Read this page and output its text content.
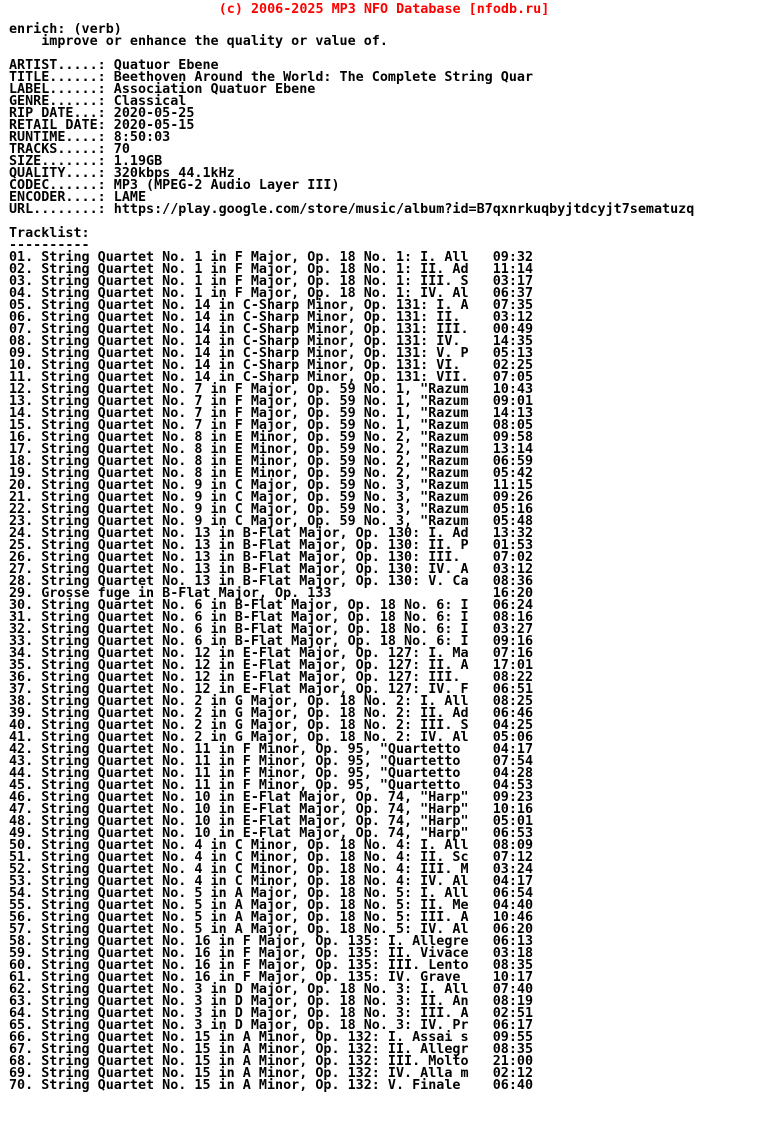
(c) 2006-2025 MP3 NFO Database [nfodb.ru]
enrich: (verb)
improve or enhance the quality or value of.

ARTIST.....: Quatuor Ebene
TITLE......: Beethoven Around the World: The Complete String Quar
LABEL......: Association Quatuor Ebene
GENRE......: Classical
RIP DATE...: 2020-05-25
RETAIL DATE: 2020-05-15
RUNTIME....: 8:50:03
TRACKS.....: 70
SIZE.......: 1.19GB
QUALITY....: 320kbps 44.1kHz
CODEC......: MP3 (MPEG-2 Audio Layer III)
ENCODER....: LAME
URL........: https://play.google.com/store/music/album?id=B7qxnrkuqbyjtdcyjt7sematuzq

Tracklist:
----------
01. String Quartet No. 1 in F Major, Op. 18 No. 1: I. All   09:32
02. String Quartet No. 1 in F Major, Op. 18 No. 1: II. Ad   11:14
03. String Quartet No. 1 in F Major, Op. 18 No. 1: III. S   03:17
04. String Quartet No. 1 in F Major, Op. 18 No. 1: IV. Al   06:37
05. String Quartet No. 14 in C-Sharp Minor, Op. 131: I. A   07:35
06. String Quartet No. 14 in C-Sharp Minor, Op. 131: II.    03:12
07. String Quartet No. 14 in C-Sharp Minor, Op. 131: III.   00:49
08. String Quartet No. 14 in C-Sharp Minor, Op. 131: IV.    14:35
09. String Quartet No. 14 in C-Sharp Minor, Op. 131: V. P   05:13
10. String Quartet No. 14 in C-Sharp Minor, Op. 131: VI.    02:25
11. String Quartet No. 14 in C-Sharp Minor, Op. 131: VII.   07:05
12. String Quartet No. 7 in F Major, Op. 59 No. 1, "Razum   10:43
13. String Quartet No. 7 in F Major, Op. 59 No. 1, "Razum   09:01
14. String Quartet No. 7 in F Major, Op. 59 No. 1, "Razum   14:13
15. String Quartet No. 7 in F Major, Op. 59 No. 1, "Razum   08:05
16. String Quartet No. 8 in E Minor, Op. 59 No. 2, "Razum   09:58
17. String Quartet No. 8 in E Minor, Op. 59 No. 2, "Razum   13:14
18. String Quartet No. 8 in E Minor, Op. 59 No. 2, "Razum   06:59
19. String Quartet No. 8 in E Minor, Op. 59 No. 2, "Razum   05:42
20. String Quartet No. 9 in C Major, Op. 59 No. 3, "Razum   11:15
21. String Quartet No. 9 in C Major, Op. 59 No. 3, "Razum   09:26
22. String Quartet No. 9 in C Major, Op. 59 No. 3, "Razum   05:16
23. String Quartet No. 9 in C Major, Op. 59 No. 3, "Razum   05:48
24. String Quartet No. 13 in B-Flat Major, Op. 130: I. Ad   13:32
25. String Quartet No. 13 in B-Flat Major, Op. 130: II. P   01:53
26. String Quartet No. 13 in B-Flat Major, Op. 130: III.    07:02
27. String Quartet No. 13 in B-Flat Major, Op. 130: IV. A   03:12
28. String Quartet No. 13 in B-Flat Major, Op. 130: V. Ca   08:36
29. Grosse fuge in B-Flat Major, Op. 133                    16:20
30. String Quartet No. 6 in B-Flat Major, Op. 18 No. 6: I   06:24
31. String Quartet No. 6 in B-Flat Major, Op. 18 No. 6: I   08:16
32. String Quartet No. 6 in B-Flat Major, Op. 18 No. 6: I   03:27
33. String Quartet No. 6 in B-Flat Major, Op. 18 No. 6: I   09:16
34. String Quartet No. 12 in E-Flat Major, Op. 127: I. Ma   07:16
35. String Quartet No. 12 in E-Flat Major, Op. 127: II. A   17:01
36. String Quartet No. 12 in E-Flat Major, Op. 127: III.    08:22
37. String Quartet No. 12 in E-Flat Major, Op. 127: IV. F   06:51
38. String Quartet No. 2 in G Major, Op. 18 No. 2: I. All   08:25
39. String Quartet No. 2 in G Major, Op. 18 No. 2: II. Ad   06:46
40. String Quartet No. 2 in G Major, Op. 18 No. 2: III. S   04:25
41. String Quartet No. 2 in G Major, Op. 18 No. 2: IV. Al   05:06
42. String Quartet No. 11 in F Minor, Op. 95, "Quartetto    04:17
43. String Quartet No. 11 in F Minor, Op. 95, "Quartetto    07:54
44. String Quartet No. 11 in F Minor, Op. 95, "Quartetto    04:28
45. String Quartet No. 11 in F Minor, Op. 95, "Quartetto    04:53
46. String Quartet No. 10 in E-Flat Major, Op. 74, "Harp"   09:23
47. String Quartet No. 10 in E-Flat Major, Op. 74, "Harp"   10:16
48. String Quartet No. 10 in E-Flat Major, Op. 74, "Harp"   05:01
49. String Quartet No. 10 in E-Flat Major, Op. 74, "Harp"   06:53
50. String Quartet No. 4 in C Minor, Op. 18 No. 4: I. All   08:09
51. String Quartet No. 4 in C Minor, Op. 18 No. 4: II. Sc   07:12
52. String Quartet No. 4 in C Minor, Op. 18 No. 4: III. M   03:24
53. String Quartet No. 4 in C Minor, Op. 18 No. 4: IV. Al   04:17
54. String Quartet No. 5 in A Major, Op. 18 No. 5: I. All   06:54
55. String Quartet No. 5 in A Major, Op. 18 No. 5: II. Me   04:40
56. String Quartet No. 5 in A Major, Op. 18 No. 5: III. A   10:46
57. String Quartet No. 5 in A Major, Op. 18 No. 5: IV. Al   06:20
58. String Quartet No. 16 in F Major, Op. 135: I. Allegre   06:13
59. String Quartet No. 16 in F Major, Op. 135: II. Vivace   03:18
60. String Quartet No. 16 in F Major, Op. 135: III. Lento   08:35
61. String Quartet No. 16 in F Major, Op. 135: IV. Grave    10:17
62. String Quartet No. 3 in D Major, Op. 18 No. 3: I. All   07:40
63. String Quartet No. 3 in D Major, Op. 18 No. 3: II. An   08:19
64. String Quartet No. 3 in D Major, Op. 18 No. 3: III. A   02:51
65. String Quartet No. 3 in D Major, Op. 18 No. 3: IV. Pr   06:17
66. String Quartet No. 15 in A Minor, Op. 132: I. Assai s   09:55
67. String Quartet No. 15 in A Minor, Op. 132: II. Allegr   08:35
68. String Quartet No. 15 in A Minor, Op. 132: III. Molto   21:00
69. String Quartet No. 15 in A Minor, Op. 132: IV. Alla m   02:12
70. String Quartet No. 15 in A Minor, Op. 132: V. Finale    06:40
